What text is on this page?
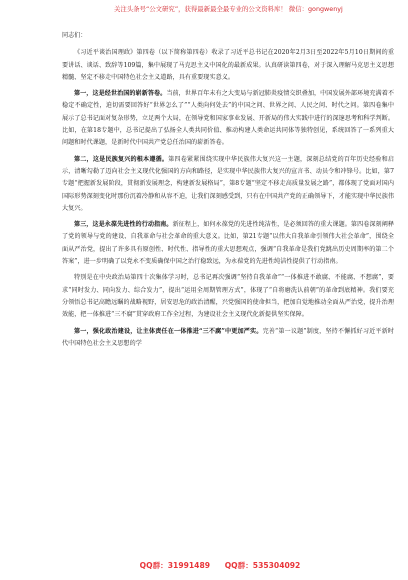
关注头条号“公文研究”，获得最新最全最专业的公文资料库！ 微信：gongwenyj

同志们：

《习近平谈治国理政》第四卷（以下简称第四卷）收录了习近平总书记在2020年2月3日至2022年5月10日期间的重要讲话、谈话、致辞等109篇，集中展现了马克思主义中国化的最新成果。认真研读第四卷，对于深入理解马克思主义思想精髓、坚定不移走中国特色社会主义道路，具有重要现实意义。

第一，这是经世治国的崭新答卷。当前，世界百年未有之大变局与新冠肺炎疫情交织叠加，中国发展外部环境充满着不稳定不确定性，迫切需要回答好“世界怎么了”“人类向何处去”的中国之问、世界之问、人民之问、时代之问。第四卷集中展示了总书记面对复杂形势，立足两个大局，在领导党和国家事业发展、开新局的伟大实践中进行的深邃思考和科学判断。比如，在第18专题中，总书记提出了弘扬全人类共同价值、推动构建人类命运共同体等独特创见，系统回答了一系列重大问题和时代课题，是新时代中国共产党总任治国的崭新答卷。

第二，这是民族复兴的根本遵循。第四卷紧紧围绕实现中华民族伟大复兴这一主题，深刻总结党的百年历史经验和启示，清晰勾勒了迈向社会主义现代化强国的方向和路径，是实现中华民族伟大复兴的宣言书、动员令和冲锋号。比如，第7专题“把握新发展阶段，贯彻新发展理念，构建新发展格局”，第8专题“坚定不移走高质量发展之路”，都体现了党面对国内国际形势深刻变化时那份沉着冷静和从容不迫，让我们深刻感受到，只有在中国共产党的正确领导下，才能实现中华民族伟大复兴。

第三，这是永葆先进性的行动指南。新征程上，如何永葆党的先进性纯洁性，是必须回答的重大课题。第四卷深刻阐释了党的领导与党的建设、自我革命与社会革命的重大意义。比如，第21专题“以伟大自我革命引领伟大社会革命”，围绕全面从严治党，提出了许多具有原创性、时代性、指导性的重大思想观点，强调“自我革命是我们党跳出历史周期率的第二个答案”，进一步明确了以党永不变质确保中国之治行稳致远，为永葆党的先进性纯洁性提供了行动指南。

特别是在中央政治局第四十次集体学习时，总书记再次强调“坚持自我革命”“一体推进不敢腐、不能腐、不想腐”，要求“同时发力、同向发力、综合发力”，提出“运用全周期管理方式”，体现了“自将磨洗认前朝”的革命到底精神。我们要充分领悟总书记高瞻远瞩的战略视野，居安思危的政治清醒，兴党强国的使命担当，把加自觉地推动全面从严治党，提升治理效能，把一体推进“三不腐”贯穿政府工作全过程，为建设社会主义现代化新提供坚实保障。

第一，强化政治建设，让主体责任在一体推进“三不腐”中更加严实。完善“第一议题”制度，坚持不懈抓好习近平新时代中国特色社会主义思想的学

QQ群：31991489 QQ群：535304092
